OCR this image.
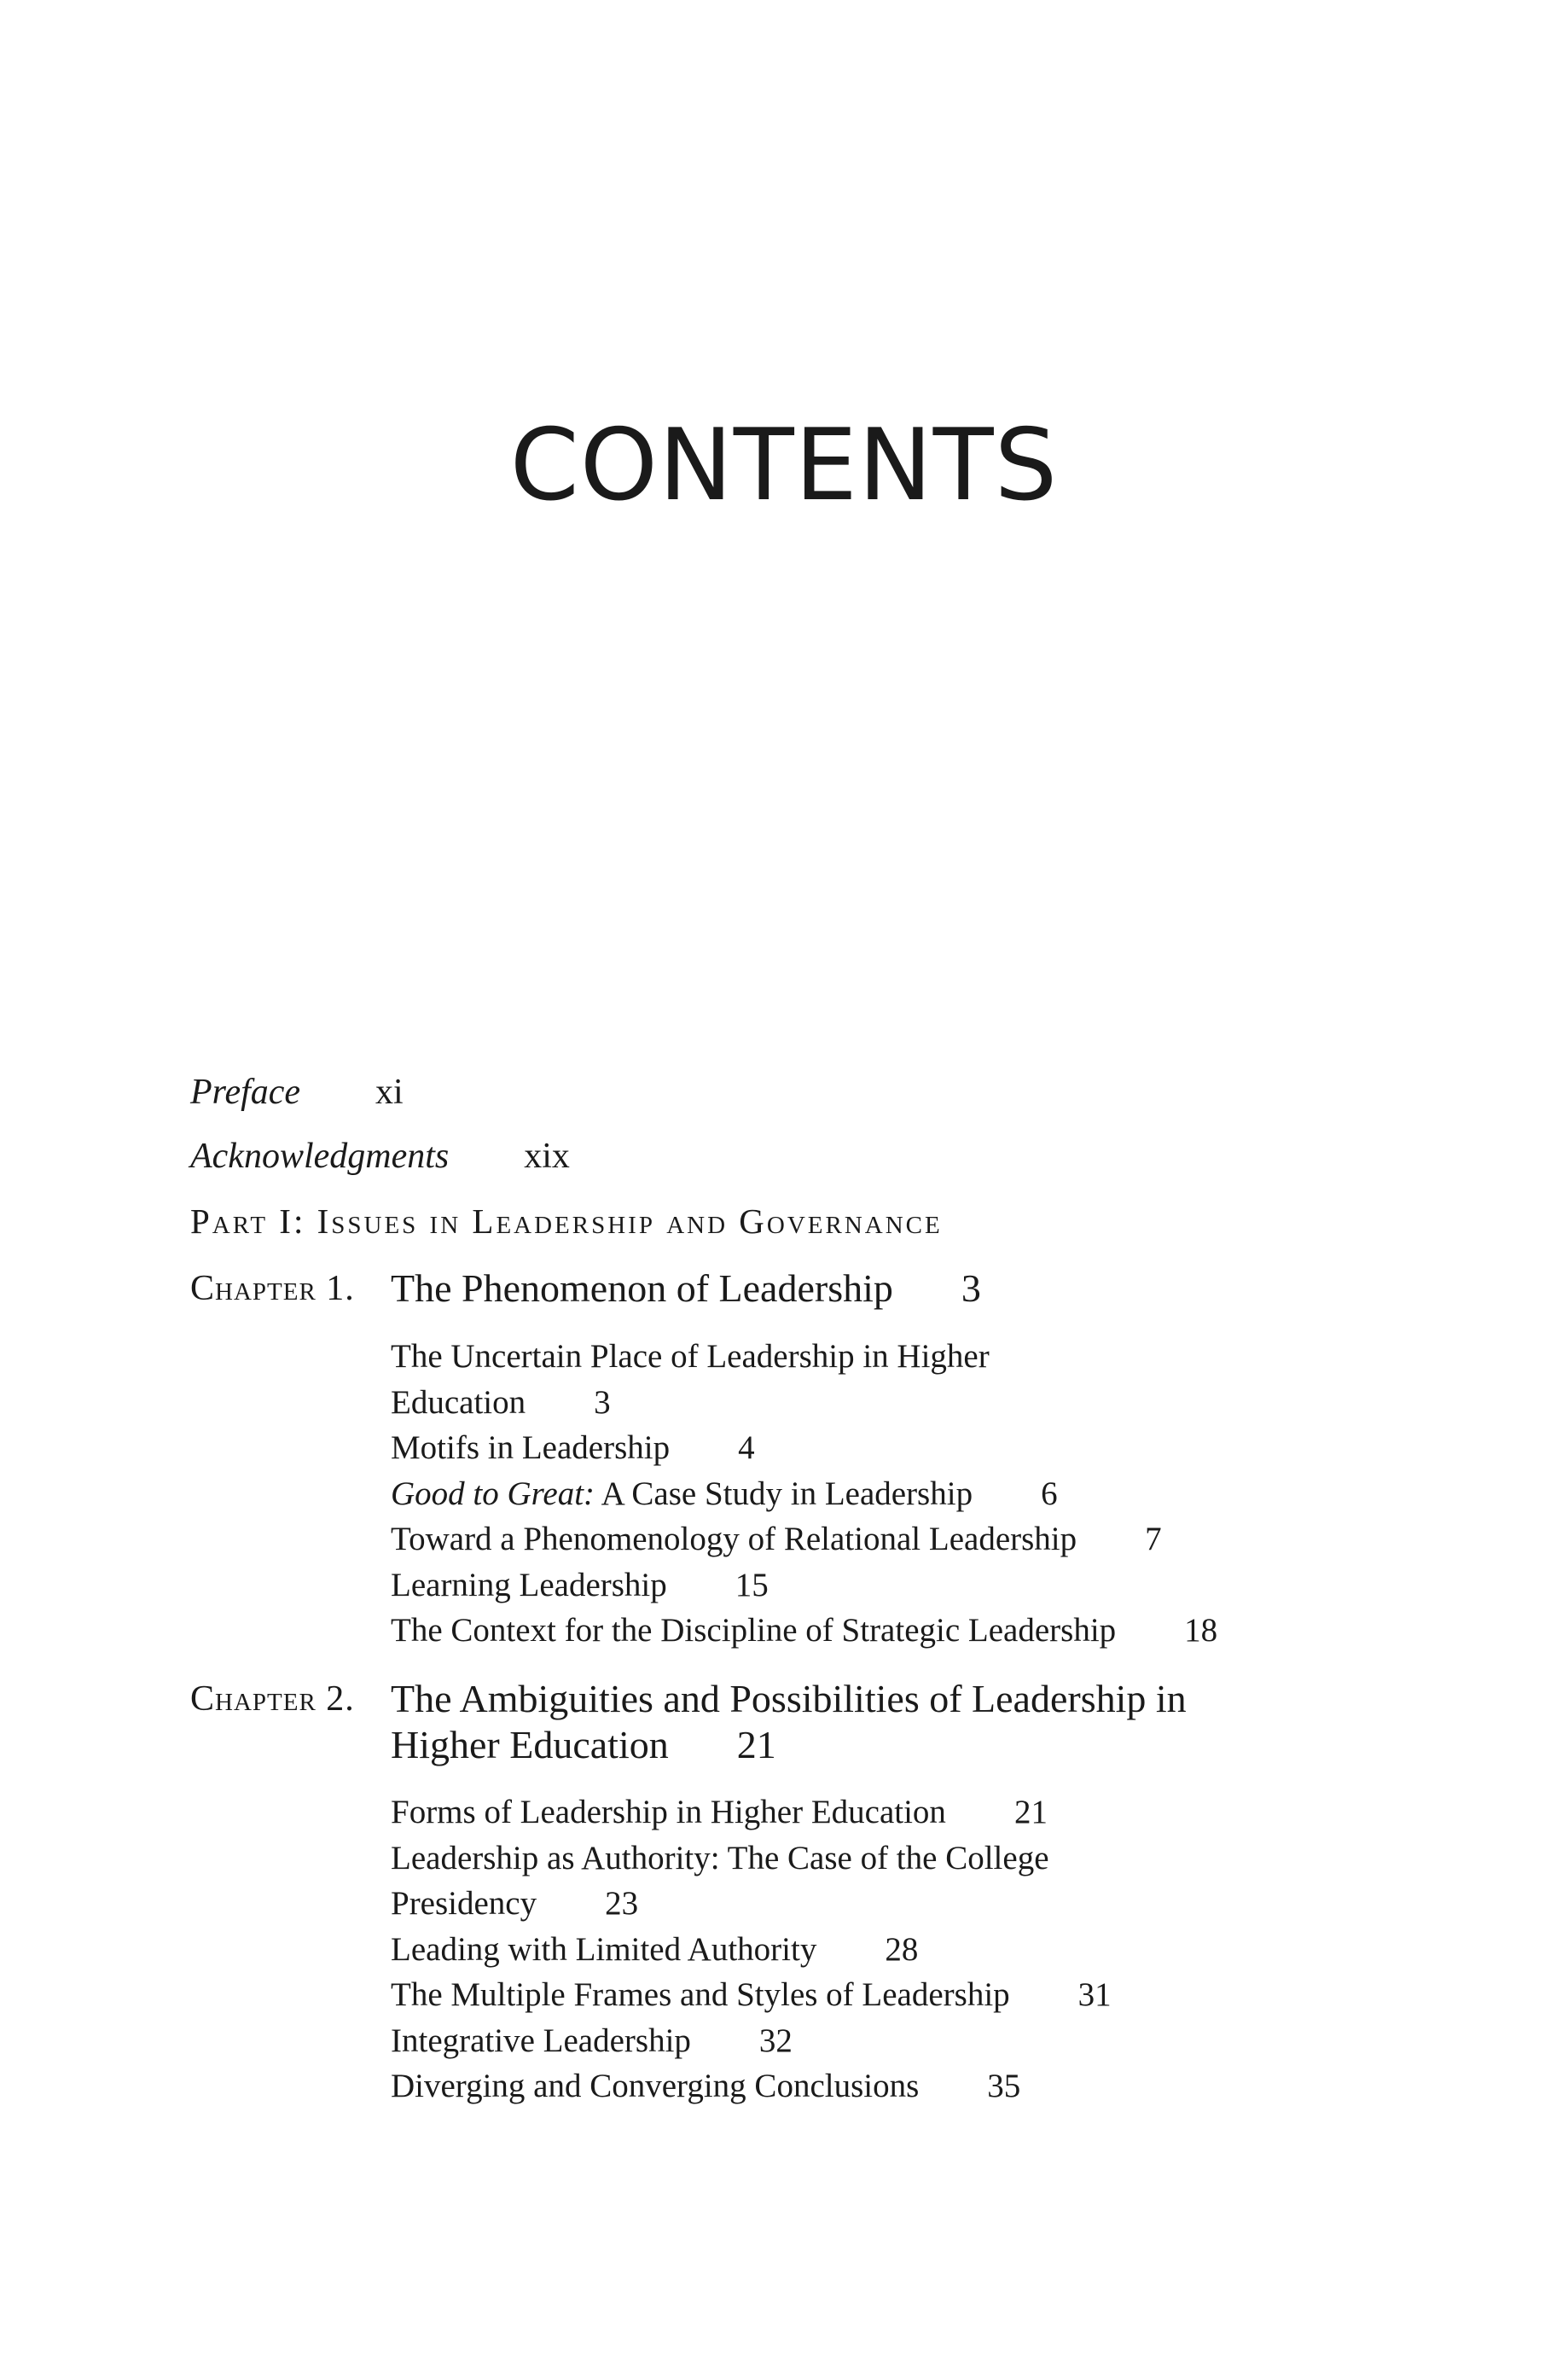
CONTENTS
Preface xi
Acknowledgments xix
Part I: Issues in Leadership and Governance
Chapter 1. The Phenomenon of Leadership 3
The Uncertain Place of Leadership in Higher Education 3
Motifs in Leadership 4
Good to Great: A Case Study in Leadership 6
Toward a Phenomenology of Relational Leadership 7
Learning Leadership 15
The Context for the Discipline of Strategic Leadership 18
Chapter 2. The Ambiguities and Possibilities of Leadership in Higher Education 21
Forms of Leadership in Higher Education 21
Leadership as Authority: The Case of the College Presidency 23
Leading with Limited Authority 28
The Multiple Frames and Styles of Leadership 31
Integrative Leadership 32
Diverging and Converging Conclusions 35
